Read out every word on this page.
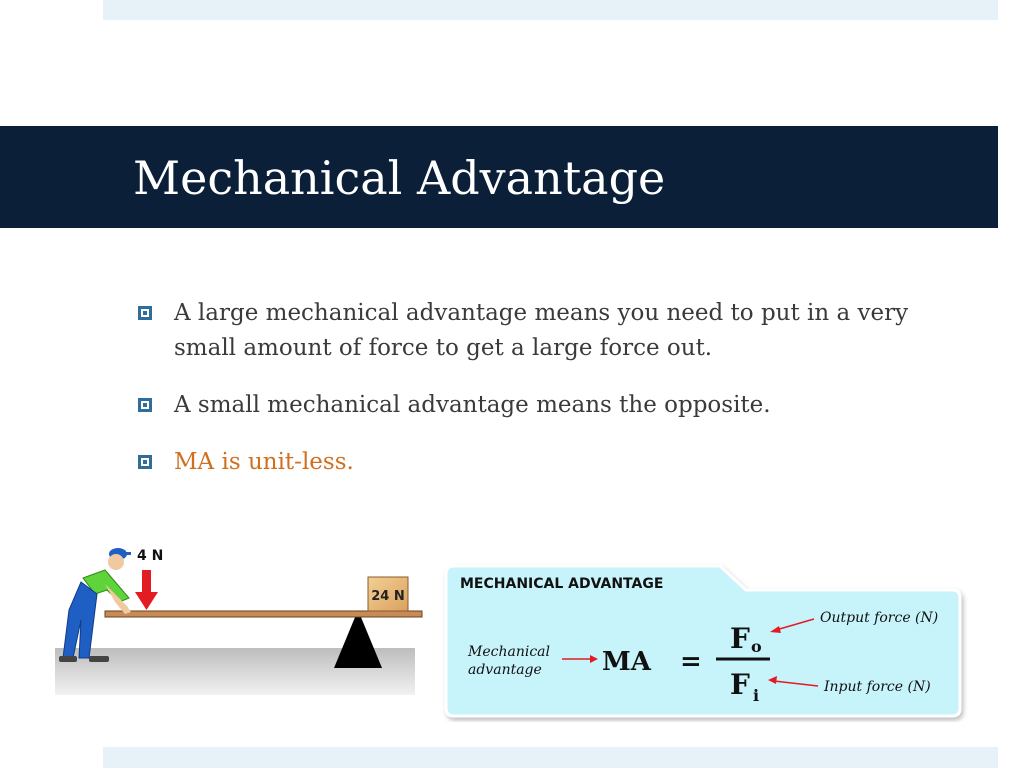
Mechanical Advantage
A large mechanical advantage means you need to put in a very small amount of force to get a large force out.
A small mechanical advantage means the opposite.
MA is unit-less.
24 N
4 N
MECHANICAL ADVANTAGE
Mechanical
advantage MA =
F o
F i
Output force (N)
Input force (N)
